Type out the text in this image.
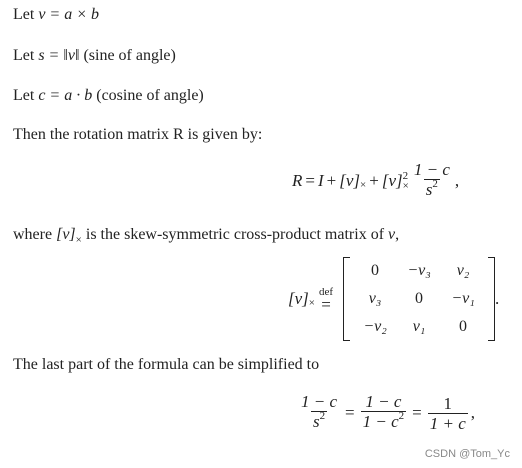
Let v = a × b
Let s = ‖v‖ (sine of angle)
Let c = a · b (cosine of angle)
Then the rotation matrix R is given by:
R = I + [v] × + [v] 2
× $\frac{1 - c}{s^2}$ ,
where $[v]_\times$ is the skew-symmetric cross-product matrix of v,
[v] ×
def
=
0	−v₃	v₂
v₃	0	−v₁
−v₂	v₁	0
.
The last part of the formula can be simplified to
$\frac{1 - c}{s^2} = \frac{1 - c}{1 - c^2} = \frac{1}{1 + c}$ ,
CSDN @Tom_Yc
